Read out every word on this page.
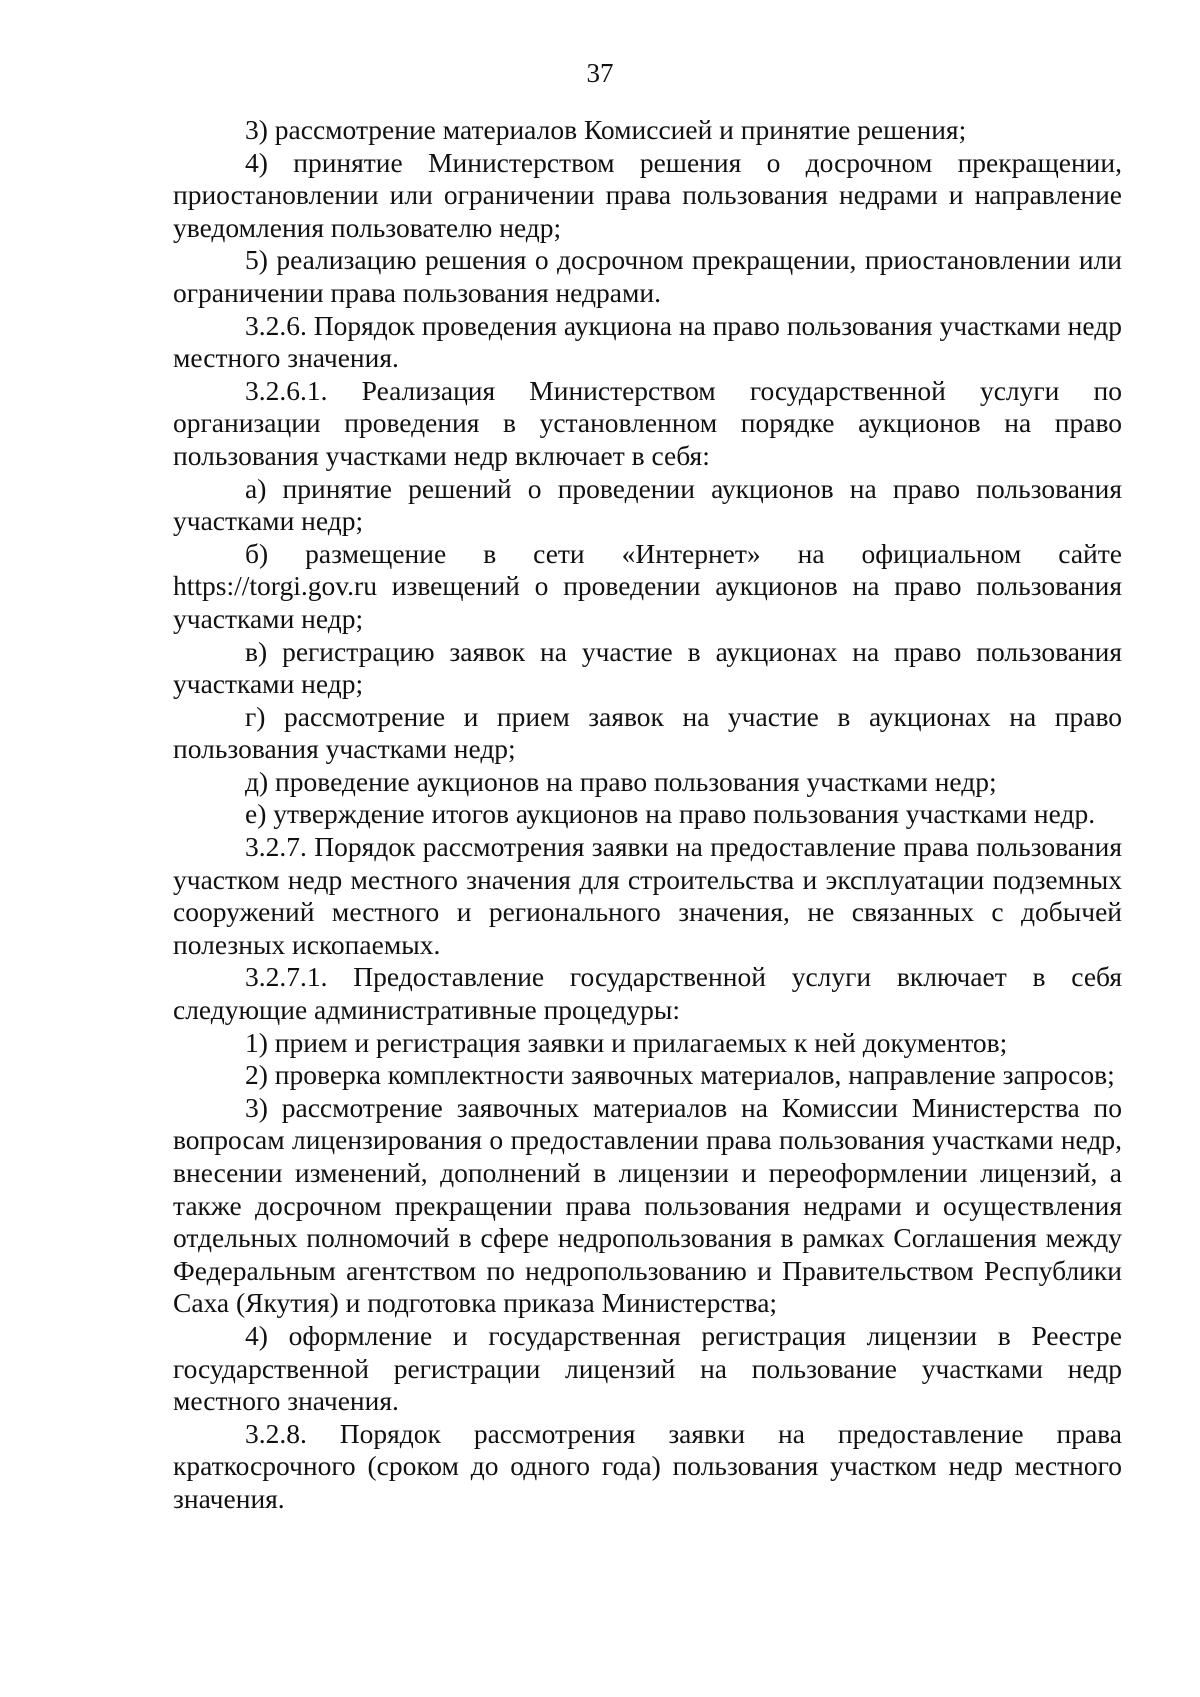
37

3) рассмотрение материалов Комиссией и принятие решения;

4) принятие Министерством решения о досрочном прекращении, приостановлении или ограничении права пользования недрами и направление уведомления пользователю недр;

5) реализацию решения о досрочном прекращении, приостановлении или ограничении права пользования недрами.

3.2.6. Порядок проведения аукциона на право пользования участками недр местного значения.

3.2.6.1. Реализация Министерством государственной услуги по организации проведения в установленном порядке аукционов на право пользования участками недр включает в себя:

а) принятие решений о проведении аукционов на право пользования участками недр;

б) размещение в сети «Интернет» на официальном сайте https://torgi.gov.ru извещений о проведении аукционов на право пользования участками недр;

в) регистрацию заявок на участие в аукционах на право пользования участками недр;

г) рассмотрение и прием заявок на участие в аукционах на право пользования участками недр;

д) проведение аукционов на право пользования участками недр;

е) утверждение итогов аукционов на право пользования участками недр.

3.2.7. Порядок рассмотрения заявки на предоставление права пользования участком недр местного значения для строительства и эксплуатации подземных сооружений местного и регионального значения, не связанных с добычей полезных ископаемых.

3.2.7.1. Предоставление государственной услуги включает в себя следующие административные процедуры:

1) прием и регистрация заявки и прилагаемых к ней документов;

2) проверка комплектности заявочных материалов, направление запросов;

3) рассмотрение заявочных материалов на Комиссии Министерства по вопросам лицензирования о предоставлении права пользования участками недр, внесении изменений, дополнений в лицензии и переоформлении лицензий, а также досрочном прекращении права пользования недрами и осуществления отдельных полномочий в сфере недропользования в рамках Соглашения между Федеральным агентством по недропользованию и Правительством Республики Саха (Якутия) и подготовка приказа Министерства;

4) оформление и государственная регистрация лицензии в Реестре государственной регистрации лицензий на пользование участками недр местного значения.

3.2.8. Порядок рассмотрения заявки на предоставление права краткосрочного (сроком до одного года) пользования участком недр местного значения.
